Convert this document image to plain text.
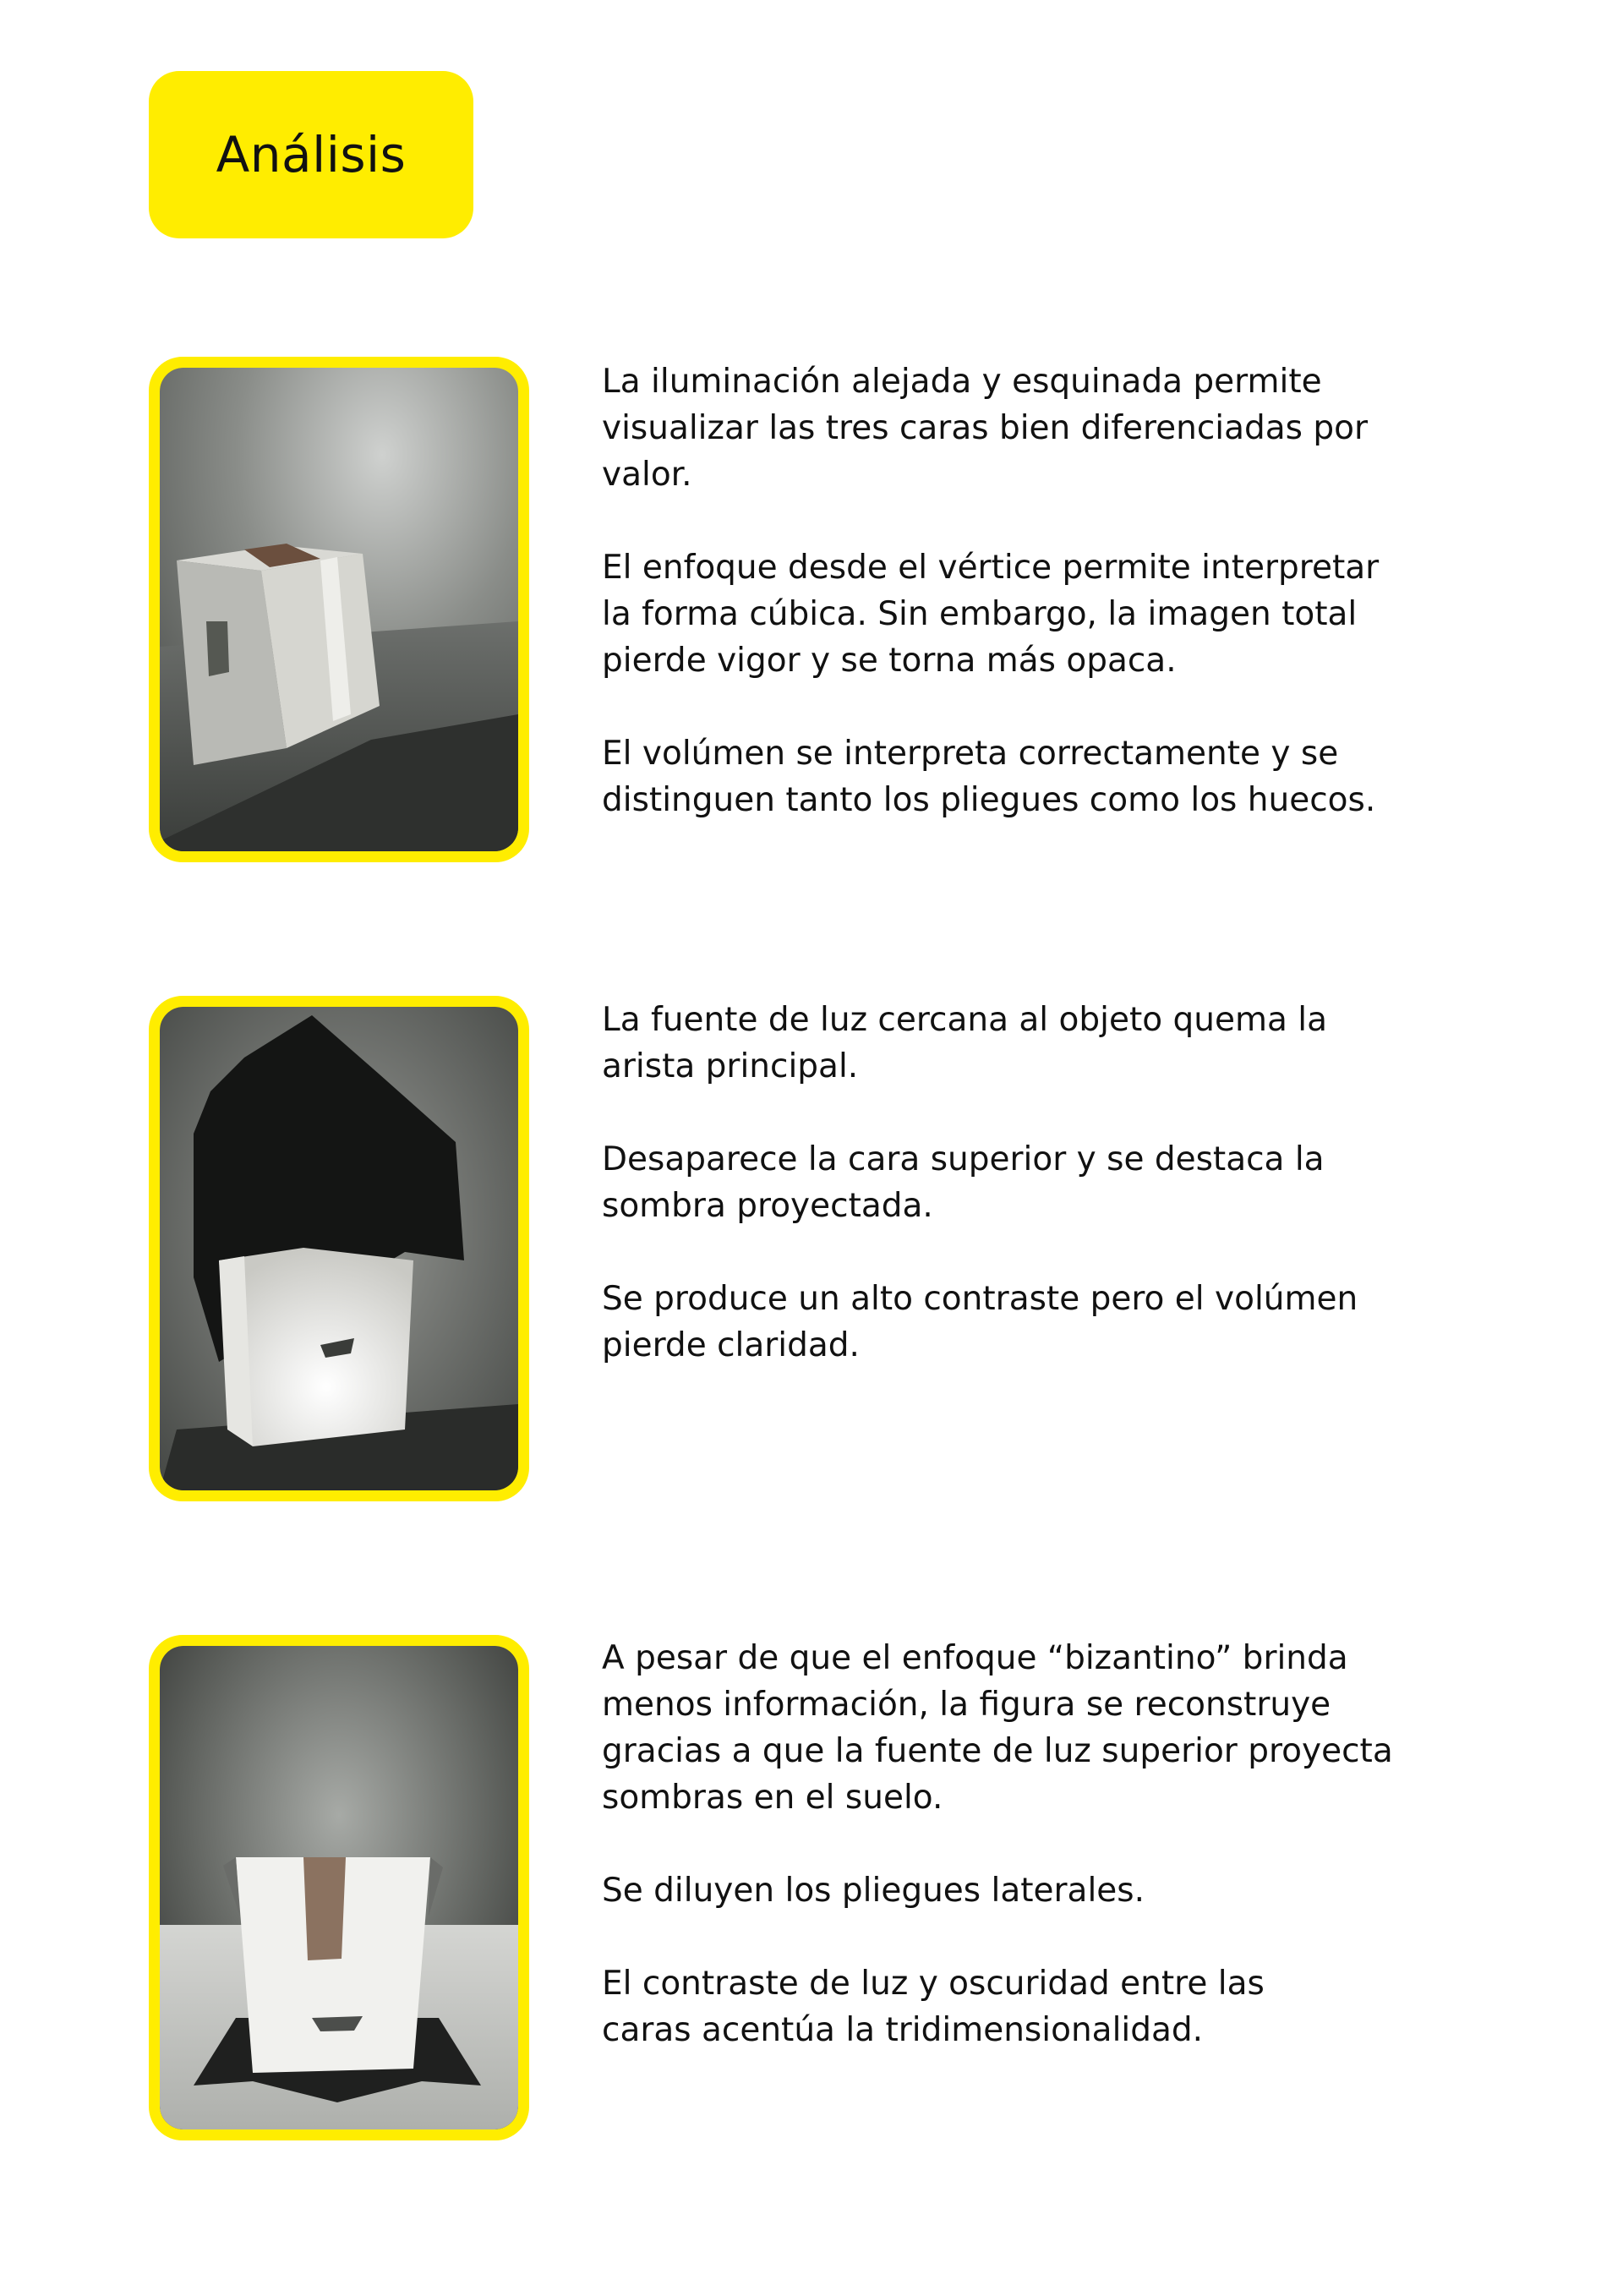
Análisis

La iluminación alejada y esquinada permite
visualizar las tres caras bien diferenciadas por
valor.

El enfoque desde el vértice permite interpretar
la forma cúbica. Sin embargo, la imagen total
pierde vigor y se torna más opaca.

El volúmen se interpreta correctamente y se
distinguen tanto los pliegues como los huecos.

La fuente de luz cercana al objeto quema la
arista principal.

Desaparece la cara superior y se destaca la
sombra proyectada.

Se produce un alto contraste pero el volúmen
pierde claridad.

A pesar de que el enfoque “bizantino” brinda
menos información, la figura se reconstruye
gracias a que la fuente de luz superior proyecta
sombras en el suelo.

Se diluyen los pliegues laterales.

El contraste de luz y oscuridad entre las
caras acentúa la tridimensionalidad.
